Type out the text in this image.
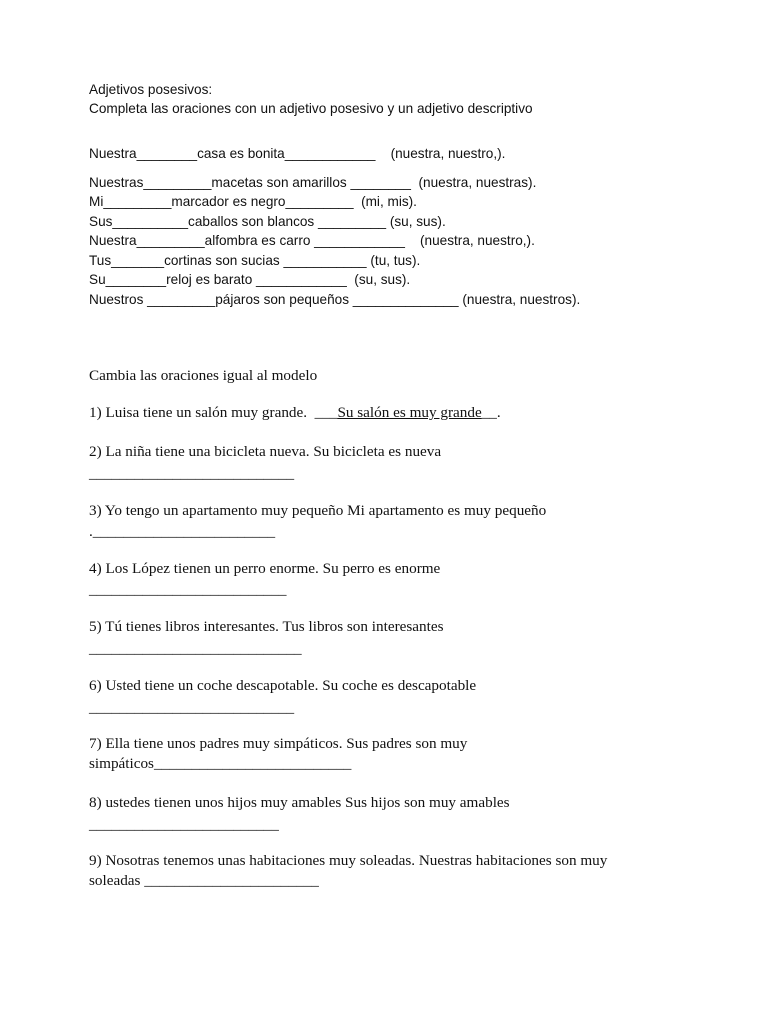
Adjetivos posesivos:
Completa las oraciones con un adjetivo posesivo y un adjetivo descriptivo
Nuestra________casa es bonita____________    (nuestra, nuestro,).
Nuestras_________macetas son amarillos ________  (nuestra, nuestras).
Mi_________marcador es negro_________  (mi, mis).
Sus__________caballos son blancos _________ (su, sus).
Nuestra_________alfombra es carro ____________    (nuestra, nuestro,).
Tus_______cortinas son sucias ___________ (tu, tus).
Su________reloj es barato ____________  (su, sus).
Nuestros _________pájaros son pequeños ______________ (nuestra, nuestros).
Cambia las oraciones igual al modelo
1) Luisa tiene un salón muy grande.  ___Su salón es muy grande__.
2) La niña tiene una bicicleta nueva. Su bicicleta es nueva
___________________________
3) Yo tengo un apartamento muy pequeño Mi apartamento es muy pequeño
.________________________
4) Los López tienen un perro enorme. Su perro es enorme
__________________________
5) Tú tienes libros interesantes. Tus libros son interesantes
____________________________
6) Usted tiene un coche descapotable. Su coche es descapotable
___________________________
7) Ella tiene unos padres muy simpáticos. Sus padres son muy
simpáticos__________________________
8) ustedes tienen unos hijos muy amables Sus hijos son muy amables
_________________________
9) Nosotras tenemos unas habitaciones muy soleadas. Nuestras habitaciones son muy
soleadas _______________________
